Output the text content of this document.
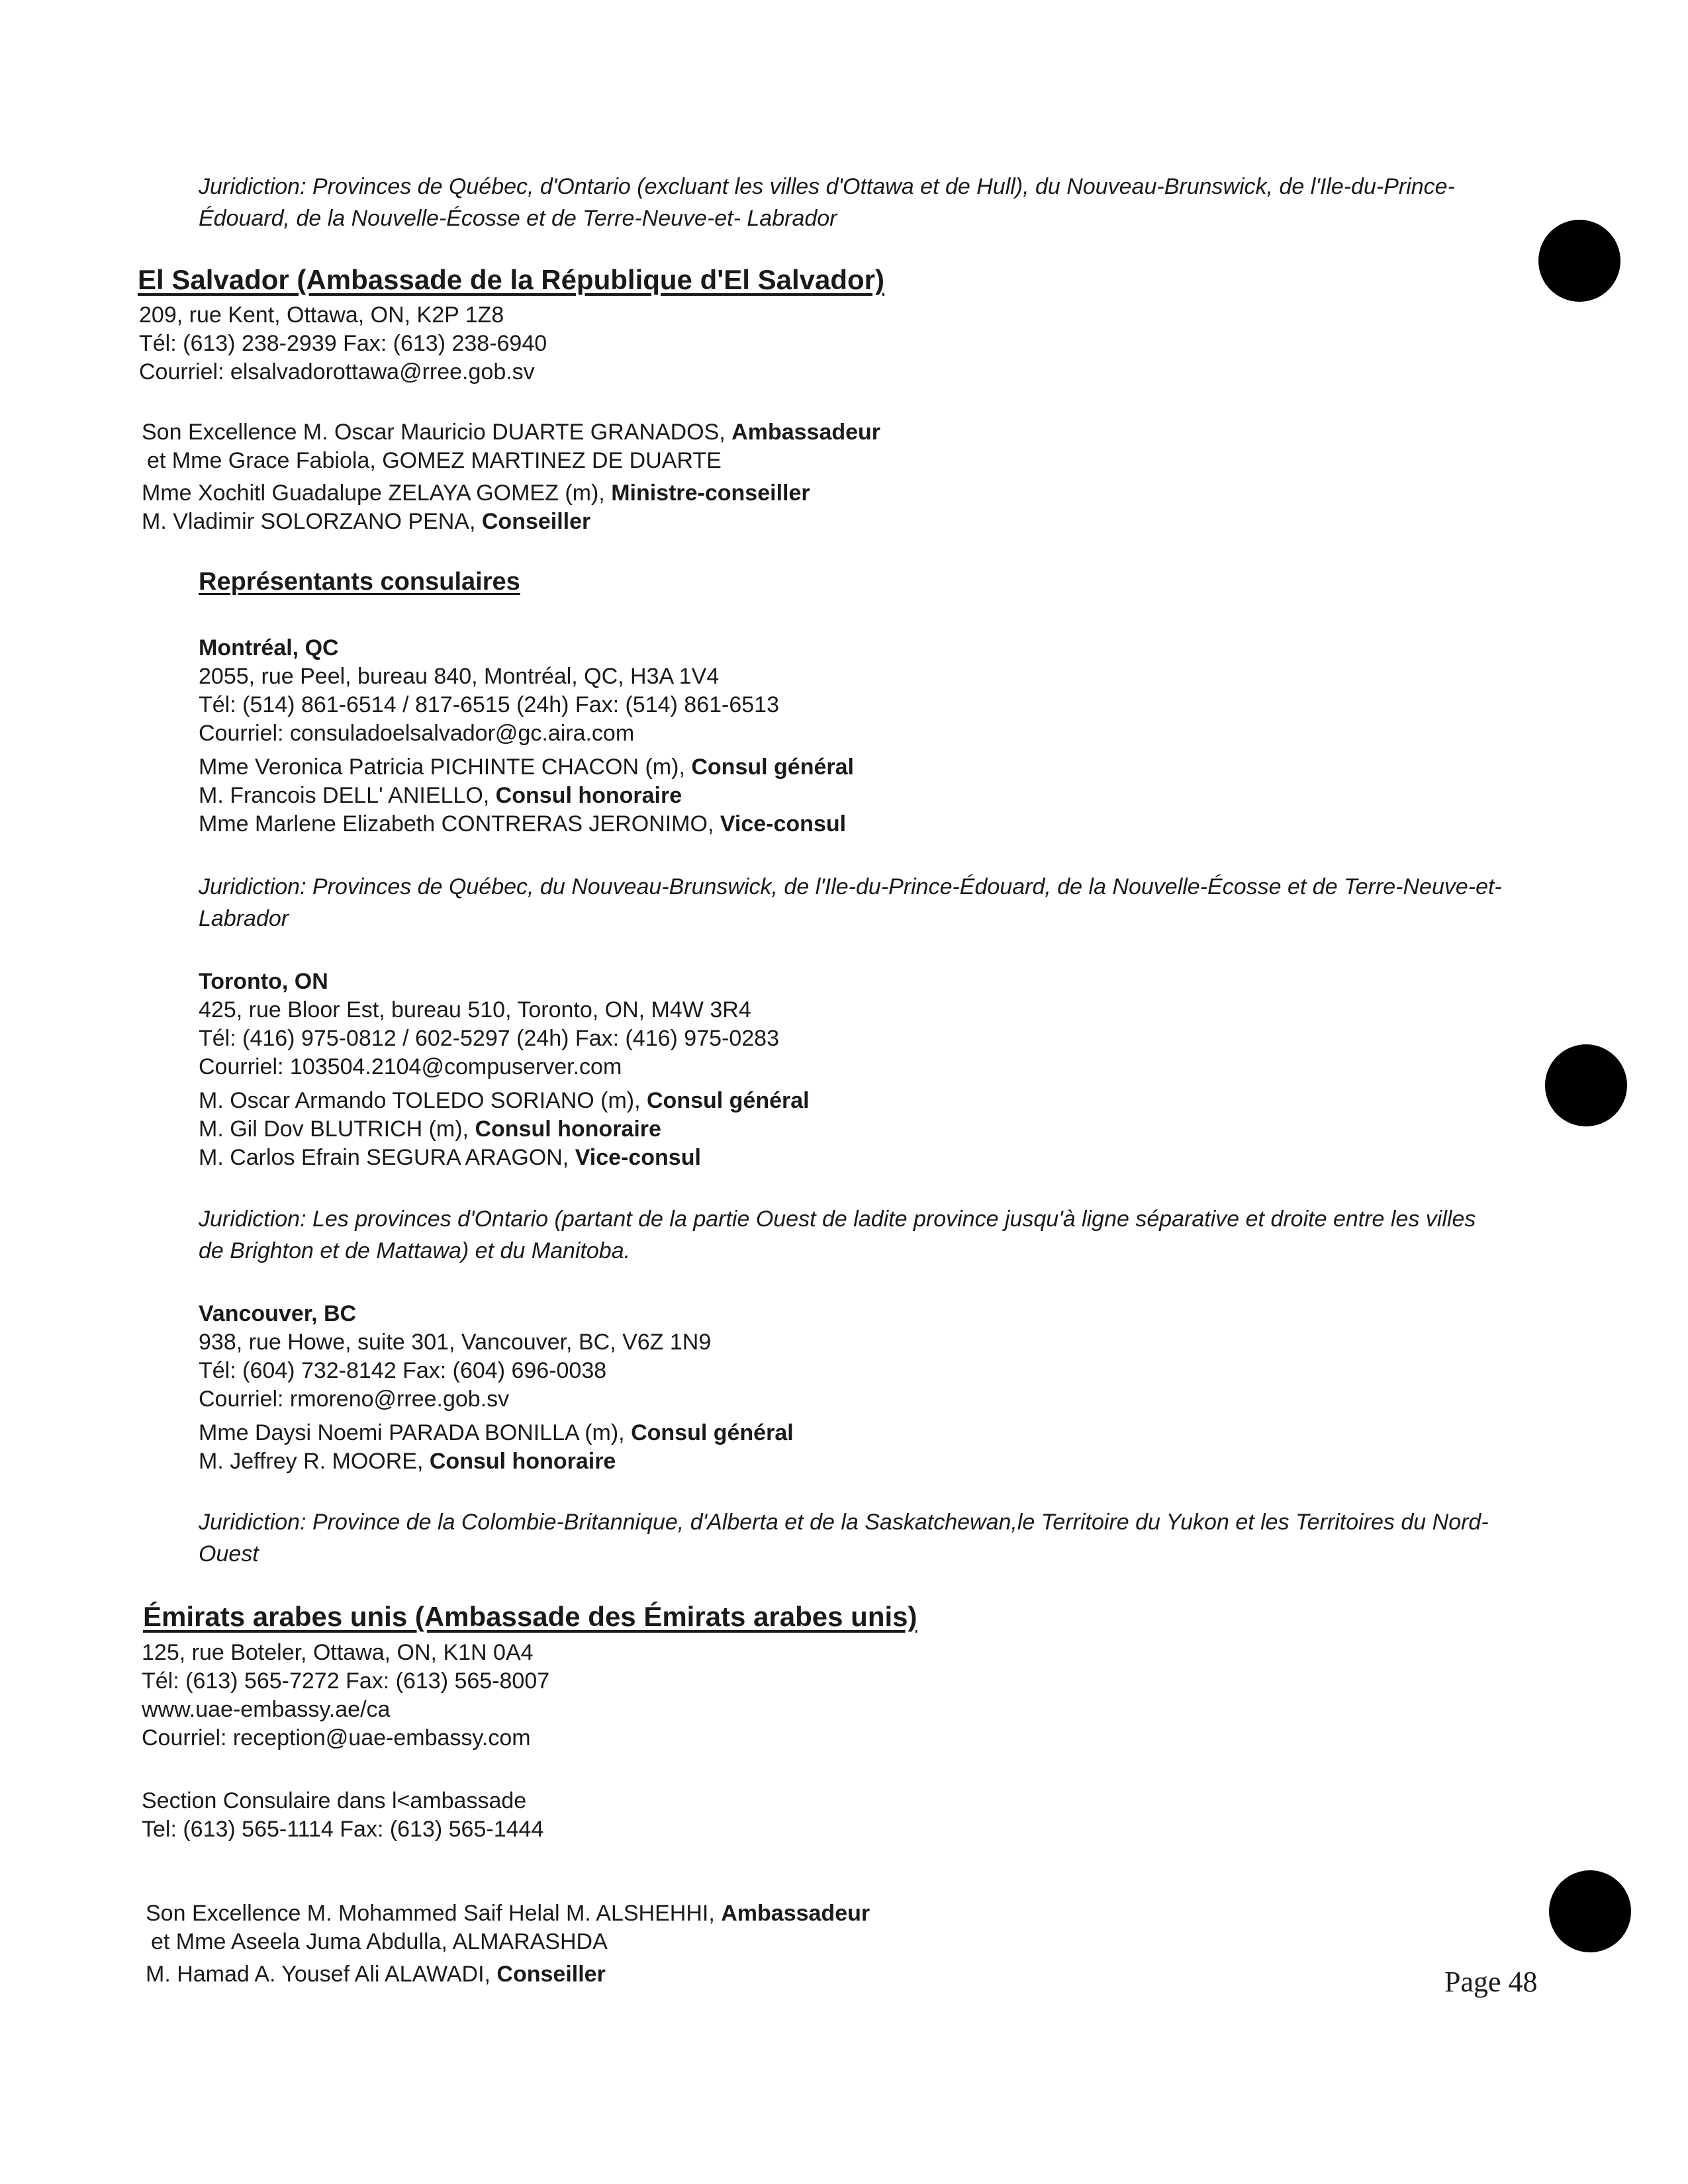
Juridiction: Provinces de Québec, d'Ontario (excluant les villes d'Ottawa et de Hull), du Nouveau-Brunswick, de l'Ile-du-Prince-Édouard, de la Nouvelle-Écosse et de Terre-Neuve-et- Labrador
El Salvador (Ambassade de la République d'El Salvador)
209, rue Kent, Ottawa, ON, K2P 1Z8
Tél: (613) 238-2939 Fax: (613) 238-6940
Courriel: elsalvadorottawa@rree.gob.sv
Son Excellence M. Oscar Mauricio DUARTE GRANADOS, Ambassadeur
et Mme Grace Fabiola, GOMEZ MARTINEZ DE DUARTE
Mme Xochitl Guadalupe ZELAYA GOMEZ (m), Ministre-conseiller
M. Vladimir SOLORZANO PENA, Conseiller
Représentants consulaires
Montréal, QC
2055, rue Peel, bureau 840, Montréal, QC, H3A 1V4
Tél: (514) 861-6514 / 817-6515 (24h) Fax: (514) 861-6513
Courriel: consuladoelsalvador@gc.aira.com
Mme Veronica Patricia PICHINTE CHACON (m), Consul général
M. Francois DELL' ANIELLO, Consul honoraire
Mme Marlene Elizabeth CONTRERAS JERONIMO, Vice-consul
Juridiction: Provinces de Québec, du Nouveau-Brunswick, de l'Ile-du-Prince-Édouard, de la Nouvelle-Écosse et de Terre-Neuve-et- Labrador
Toronto, ON
425, rue Bloor Est, bureau 510, Toronto, ON, M4W 3R4
Tél: (416) 975-0812 / 602-5297 (24h) Fax: (416) 975-0283
Courriel: 103504.2104@compuserver.com
M. Oscar Armando TOLEDO SORIANO (m), Consul général
M. Gil Dov BLUTRICH (m), Consul honoraire
M. Carlos Efrain SEGURA ARAGON, Vice-consul
Juridiction: Les provinces d'Ontario (partant de la partie Ouest de ladite province jusqu'à ligne séparative et droite entre les villes de Brighton et de Mattawa) et du Manitoba.
Vancouver, BC
938, rue Howe, suite 301, Vancouver, BC, V6Z 1N9
Tél: (604) 732-8142 Fax: (604) 696-0038
Courriel: rmoreno@rree.gob.sv
Mme Daysi Noemi PARADA BONILLA (m), Consul général
M. Jeffrey R. MOORE, Consul honoraire
Juridiction: Province de la Colombie-Britannique, d'Alberta et de la Saskatchewan,le Territoire du Yukon et les Territoires du Nord-Ouest
Émirats arabes unis (Ambassade des Émirats arabes unis)
125, rue Boteler, Ottawa, ON, K1N 0A4
Tél: (613) 565-7272 Fax: (613) 565-8007
www.uae-embassy.ae/ca
Courriel: reception@uae-embassy.com
Section Consulaire dans l<ambassade
Tel: (613) 565-1114 Fax: (613) 565-1444
Son Excellence M. Mohammed Saif Helal M. ALSHEHHI, Ambassadeur
et Mme Aseela Juma Abdulla, ALMARASHDA
M. Hamad A. Yousef Ali ALAWADI, Conseiller	Page 48
